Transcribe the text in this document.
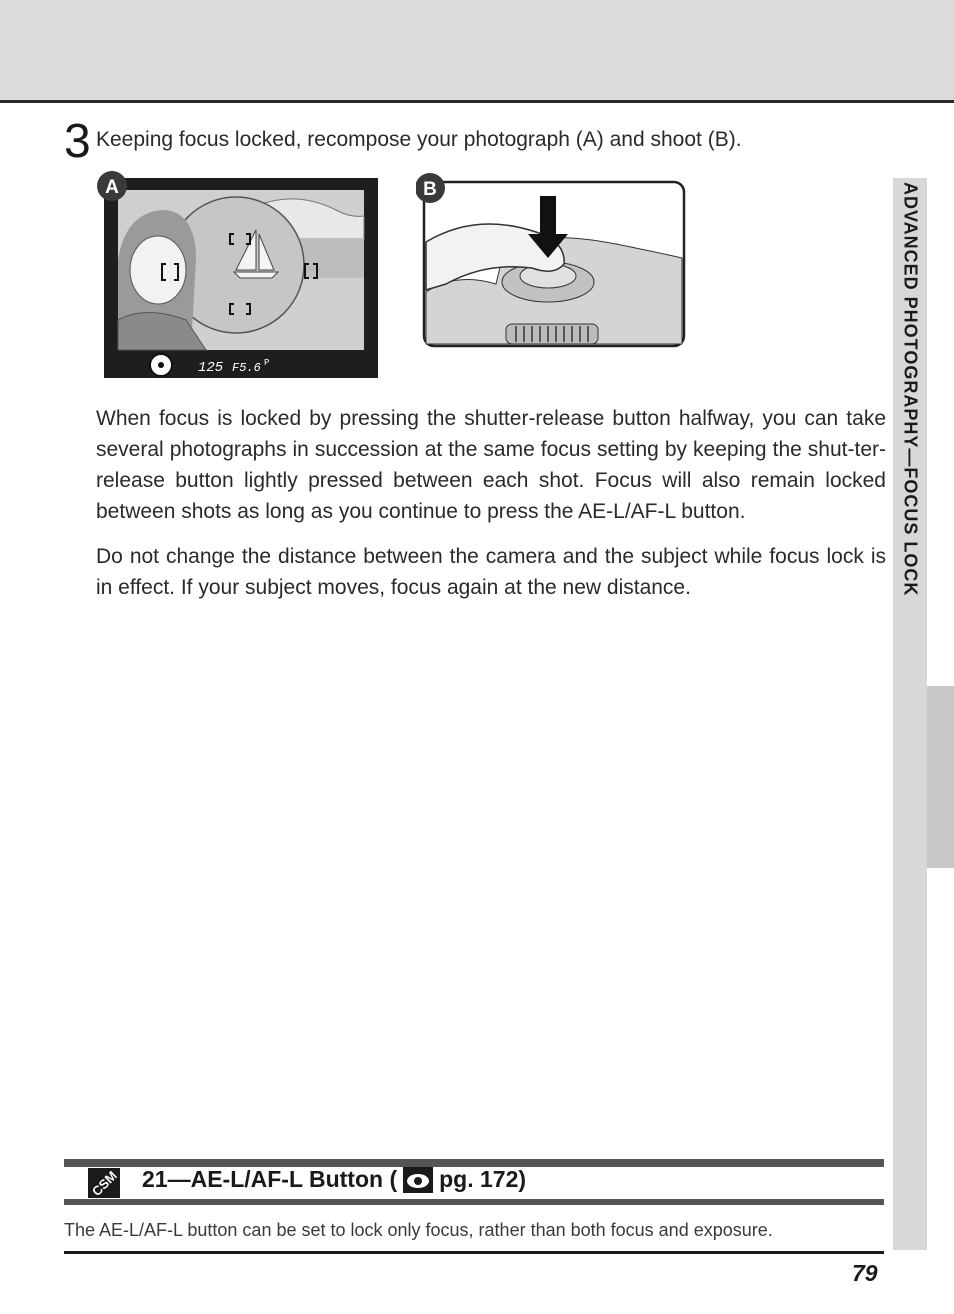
ADVANCED PHOTOGRAPHY—FOCUS LOCK
3 Keeping focus locked, recompose your photograph (A) and shoot (B).
125 F5.6 P
A	B

When focus is locked by pressing the shutter-release button halfway, you can take several photographs in succession at the same focus setting by keeping the shut-ter-release button lightly pressed between each shot. Focus will also remain locked between shots as long as you continue to press the AE-L/AF-L button.

Do not change the distance between the camera and the subject while focus lock is in effect. If your subject moves, focus again at the new distance.

CSM 21—AE-L/AF-L Button ( pg. 172)
The AE-L/AF-L button can be set to lock only focus, rather than both focus and exposure.
79
